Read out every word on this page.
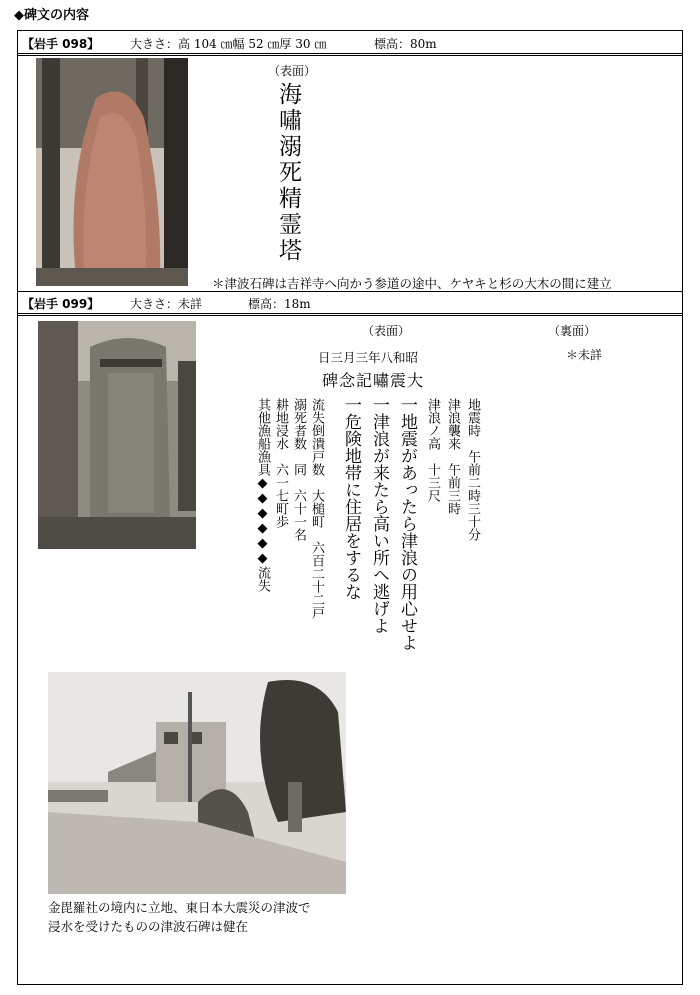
◆碑文の内容
【岩手 098】	大きさ：高 104 ㎝幅 52 ㎝厚 30 ㎝	標高：80m
（表面）
海嘯溺死精霊塔
＊津波石碑は吉祥寺へ向かう参道の途中、ケヤキと杉の大木の間に建立
【岩手 099】	大きさ：未詳	標高：18m
（表面）	（裏面）
＊未詳
昭和八年三月三日
大震嘯記念碑
地震時　午前二時三十分
津浪襲来　午前三時
津浪ノ高　十三尺
一地震があったら津浪の用心せよ
一津浪が来たら高い所へ逃げよ
一危険地帯に住居をするな
流失倒潰戸数　大槌町　六百二十二戸
溺死者数　同　六十一名
耕地浸水　六一七町歩
其他漁船漁具◆◆◆◆◆◆流失
金毘羅社の境内に立地、東日本大震災の津波で
浸水を受けたものの津波石碑は健在
